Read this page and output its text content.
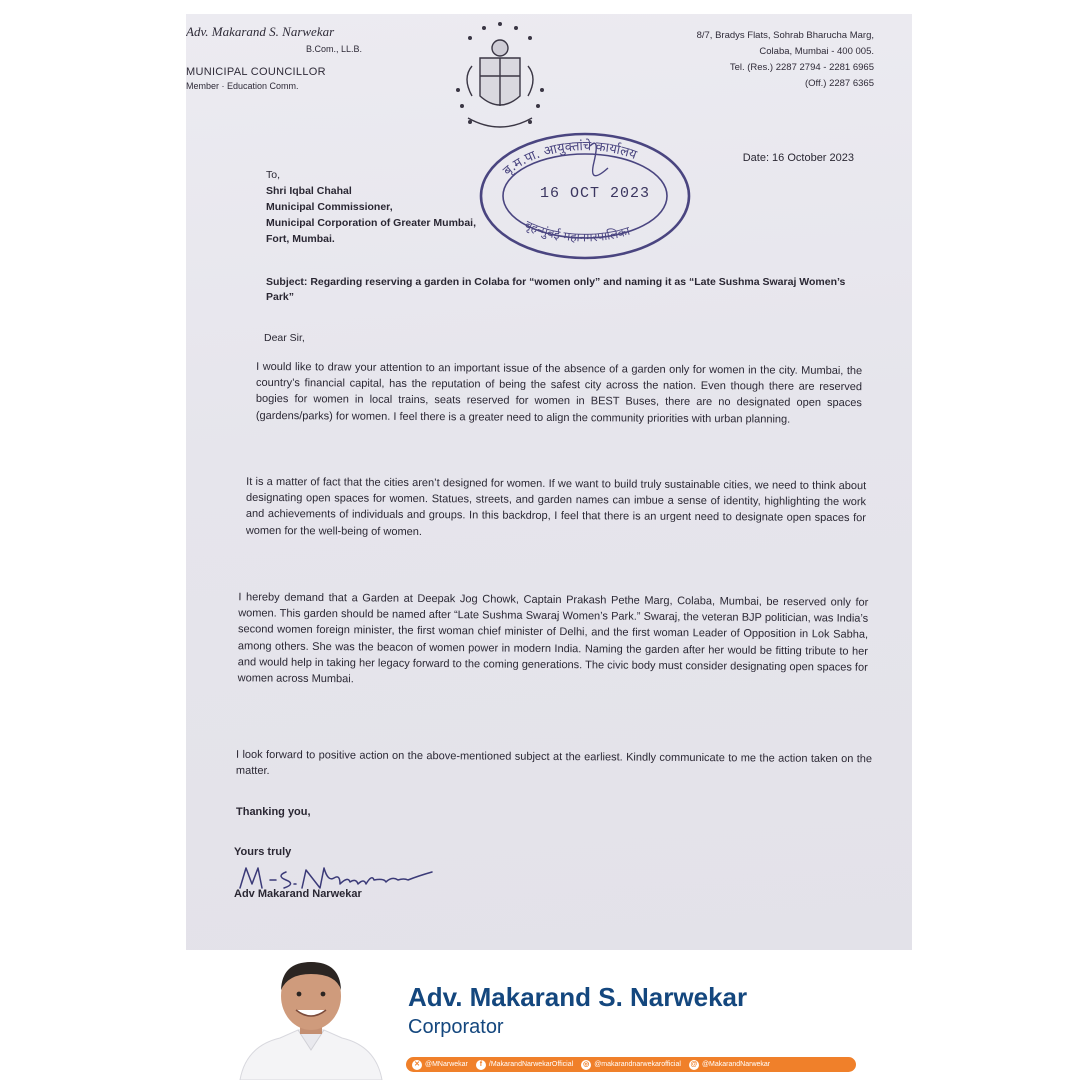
Adv. Makarand S. Narwekar
B.Com., LL.B.
MUNICIPAL COUNCILLOR
Member · Education Comm.
8/7, Bradys Flats, Sohrab Bharucha Marg,
Colaba, Mumbai - 400 005.
Tel. (Res.) 2287 2794 - 2281 6965
(Off.) 2287 6365
बृ.म.पा. आयुक्तांचे कार्यालय
बृहन्मुंबई महानगरपालिका
16 OCT 2023
Date: 16 October 2023
To,
Shri Iqbal Chahal
Municipal Commissioner,
Municipal Corporation of Greater Mumbai,
Fort, Mumbai.
Subject: Regarding reserving a garden in Colaba for “women only” and naming it as “Late Sushma Swaraj Women’s Park”
Dear Sir,
I would like to draw your attention to an important issue of the absence of a garden only for women in the city. Mumbai, the country’s financial capital, has the reputation of being the safest city across the nation. Even though there are reserved bogies for women in local trains, seats reserved for women in BEST Buses, there are no designated open spaces (gardens/parks) for women. I feel there is a greater need to align the community priorities with urban planning.
It is a matter of fact that the cities aren’t designed for women. If we want to build truly sustainable cities, we need to think about designating open spaces for women. Statues, streets, and garden names can imbue a sense of identity, highlighting the work and achievements of individuals and groups. In this backdrop, I feel that there is an urgent need to designate open spaces for women for the well-being of women.
I hereby demand that a Garden at Deepak Jog Chowk, Captain Prakash Pethe Marg, Colaba, Mumbai, be reserved only for women. This garden should be named after “Late Sushma Swaraj Women’s Park.” Swaraj, the veteran BJP politician, was India’s second women foreign minister, the first woman chief minister of Delhi, and the first woman Leader of Opposition in Lok Sabha, among others. She was the beacon of women power in modern India. Naming the garden after her would be fitting tribute to her and would help in taking her legacy forward to the coming generations. The civic body must consider designating open spaces for women across Mumbai.
I look forward to positive action on the above-mentioned subject at the earliest. Kindly communicate to me the action taken on the matter.
Thanking you,
Yours truly
Adv Makarand Narwekar
Adv. Makarand S. Narwekar
Corporator
✕ @MNarwekar	f /MakarandNarwekarOfficial ◎ @makarandnarwekarofficial @ @MakarandNarwekar
